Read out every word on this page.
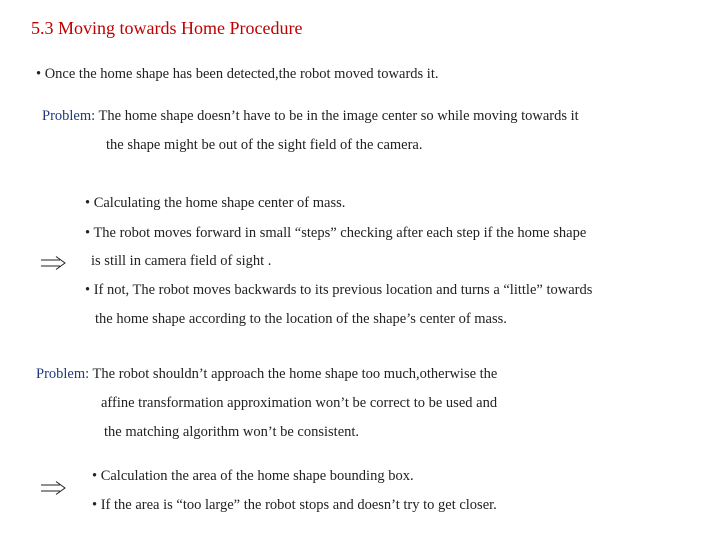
5.3 Moving towards Home Procedure
• Once the home shape has been detected,the robot moved towards it.
Problem: The home shape doesn’t have to be in the image center so while moving towards it
the shape might be out of the sight field of the camera.
• Calculating the home shape center of mass.
• The robot moves forward in small “steps” checking after each step if the home shape
is still in camera field of sight .
• If not, The robot moves backwards to its previous location and turns a “little” towards
the home shape according to the location of the shape’s center of mass.
Problem: The robot shouldn’t approach the home shape too much,otherwise the
affine transformation approximation won’t be correct to be used and
the matching algorithm won’t be consistent.
• Calculation the area of the home shape bounding box.
• If the area is “too large” the robot stops and doesn’t try to get closer.
